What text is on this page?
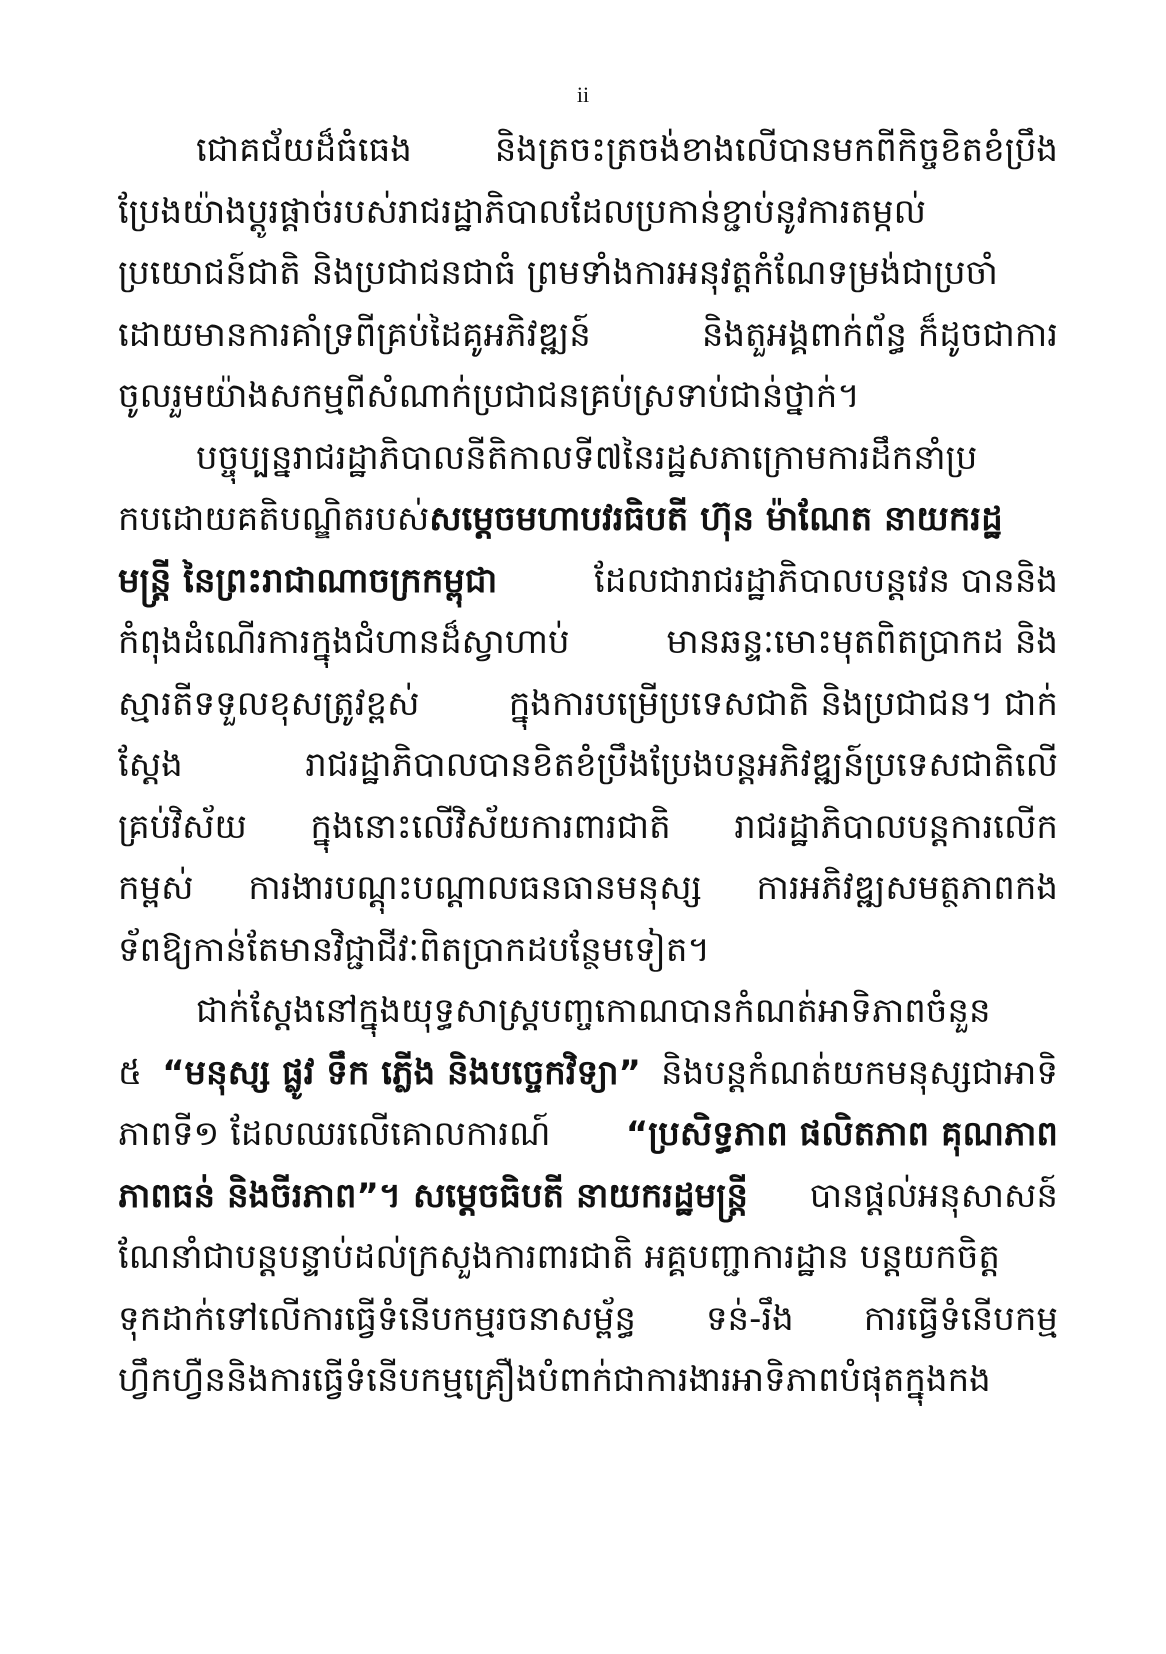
ii
ជោគជ័យដ៏ធំធេង និងត្រចះត្រចង់ខាងលើបានមកពីកិច្ចខិតខំប្រឹង
ប្រែងយ៉ាងប្តូរផ្តាច់របស់រាជរដ្ឋាភិបាលដែលប្រកាន់ខ្ជាប់នូវការតម្កល់
ប្រយោជន៍ជាតិ និងប្រជាជនជាធំ ព្រមទាំងការអនុវត្តកំណែទម្រង់ជាប្រចាំ
ដោយមានការគាំទ្រពីគ្រប់ដៃគូអភិវឌ្ឍន៍	និងតួអង្គពាក់ព័ន្ធ ក៏ដូចជាការ
ចូលរួមយ៉ាងសកម្មពីសំណាក់ប្រជាជនគ្រប់ស្រទាប់ជាន់ថ្នាក់។
បច្ចុប្បន្នរាជរដ្ឋាភិបាលនីតិកាលទី៧នៃរដ្ឋសភាក្រោមការដឹកនាំប្រ
កបដោយគតិបណ្ឌិតរបស់សម្តេចមហាបវរធិបតី ហ៊ុន ម៉ាណែត នាយករដ្ឋ
មន្ត្រី នៃព្រះរាជាណាចក្រកម្ពុជា	ដែលជារាជរដ្ឋាភិបាលបន្តវេន បាននិង
កំពុងដំណើរការក្នុងជំហានដ៏ស្វាហាប់	មានឆន្ទៈមោះមុតពិតប្រាកដ និង
ស្មារតីទទួលខុសត្រូវខ្ពស់	ក្នុងការបម្រើប្រទេសជាតិ និងប្រជាជន។ ជាក់
ស្តែង	រាជរដ្ឋាភិបាលបានខិតខំប្រឹងប្រែងបន្តអភិវឌ្ឍន៍ប្រទេសជាតិលើ
គ្រប់វិស័យ ក្នុងនោះលើវិស័យការពារជាតិ រាជរដ្ឋាភិបាលបន្តការលើក
កម្ពស់ ការងារបណ្តុះបណ្តាលធនធានមនុស្ស ការអភិវឌ្ឍសមត្ថភាពកង
ទ័ពឱ្យកាន់តែមានវិជ្ជាជីវៈពិតប្រាកដបន្ថែមទៀត។
ជាក់ស្តែងនៅក្នុងយុទ្ធសាស្ត្របញ្ចកោណបានកំណត់អាទិភាពចំនួន
៥ “មនុស្ស ផ្លូវ ទឹក ភ្លើង និងបច្ចេកវិទ្យា” និងបន្តកំណត់យកមនុស្សជាអាទិ
ភាពទី១ ដែលឈរលើគោលការណ៍ “ប្រសិទ្ធភាព ផលិតភាព គុណភាព
ភាពធន់ និងចីរភាព”។ សម្តេចធិបតី នាយករដ្ឋមន្ត្រី បានផ្តល់អនុសាសន៍
ណែនាំជាបន្តបន្ទាប់ដល់ក្រសួងការពារជាតិ អគ្គបញ្ជាការដ្ឋាន បន្តយកចិត្ត
ទុកដាក់ទៅលើការធ្វើទំនើបកម្មរចនាសម្ព័ន្ធ ទន់-រឹង ការធ្វើទំនើបកម្ម
ហ្វឹកហ្វឺននិងការធ្វើទំនើបកម្មគ្រឿងបំពាក់ជាការងារអាទិភាពបំផុតក្នុងកង
